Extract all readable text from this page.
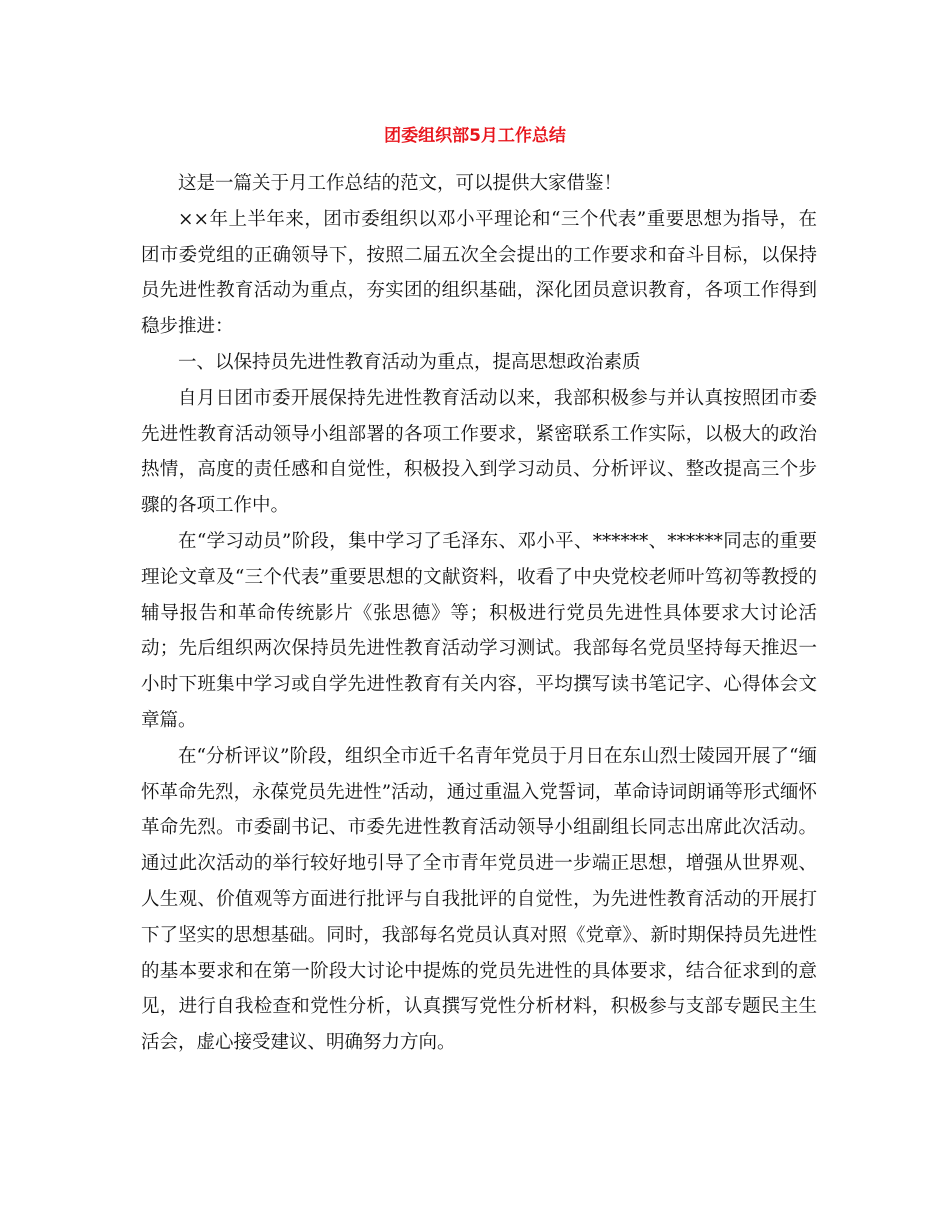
团委组织部5月工作总结

这是一篇关于月工作总结的范文，可以提供大家借鉴！

××年上半年来，团市委组织以邓小平理论和“三个代表”重要思想为指导，在团市委党组的正确领导下，按照二届五次全会提出的工作要求和奋斗目标，以保持员先进性教育活动为重点，夯实团的组织基础，深化团员意识教育，各项工作得到稳步推进：

一、以保持员先进性教育活动为重点，提高思想政治素质

自月日团市委开展保持先进性教育活动以来，我部积极参与并认真按照团市委先进性教育活动领导小组部署的各项工作要求，紧密联系工作实际，以极大的政治热情，高度的责任感和自觉性，积极投入到学习动员、分析评议、整改提高三个步骤的各项工作中。

在“学习动员”阶段，集中学习了毛泽东、邓小平、******、******同志的重要理论文章及“三个代表”重要思想的文献资料，收看了中央党校老师叶笃初等教授的辅导报告和革命传统影片《张思德》等；积极进行党员先进性具体要求大讨论活动；先后组织两次保持员先进性教育活动学习测试。我部每名党员坚持每天推迟一小时下班集中学习或自学先进性教育有关内容，平均撰写读书笔记字、心得体会文章篇。

在“分析评议”阶段，组织全市近千名青年党员于月日在东山烈士陵园开展了“缅怀革命先烈，永葆党员先进性”活动，通过重温入党誓词，革命诗词朗诵等形式缅怀革命先烈。市委副书记、市委先进性教育活动领导小组副组长同志出席此次活动。通过此次活动的举行较好地引导了全市青年党员进一步端正思想，增强从世界观、人生观、价值观等方面进行批评与自我批评的自觉性，为先进性教育活动的开展打下了坚实的思想基础。同时，我部每名党员认真对照《党章》、新时期保持员先进性的基本要求和在第一阶段大讨论中提炼的党员先进性的具体要求，结合征求到的意见，进行自我检查和党性分析，认真撰写党性分析材料，积极参与支部专题民主生活会，虚心接受建议、明确努力方向。
